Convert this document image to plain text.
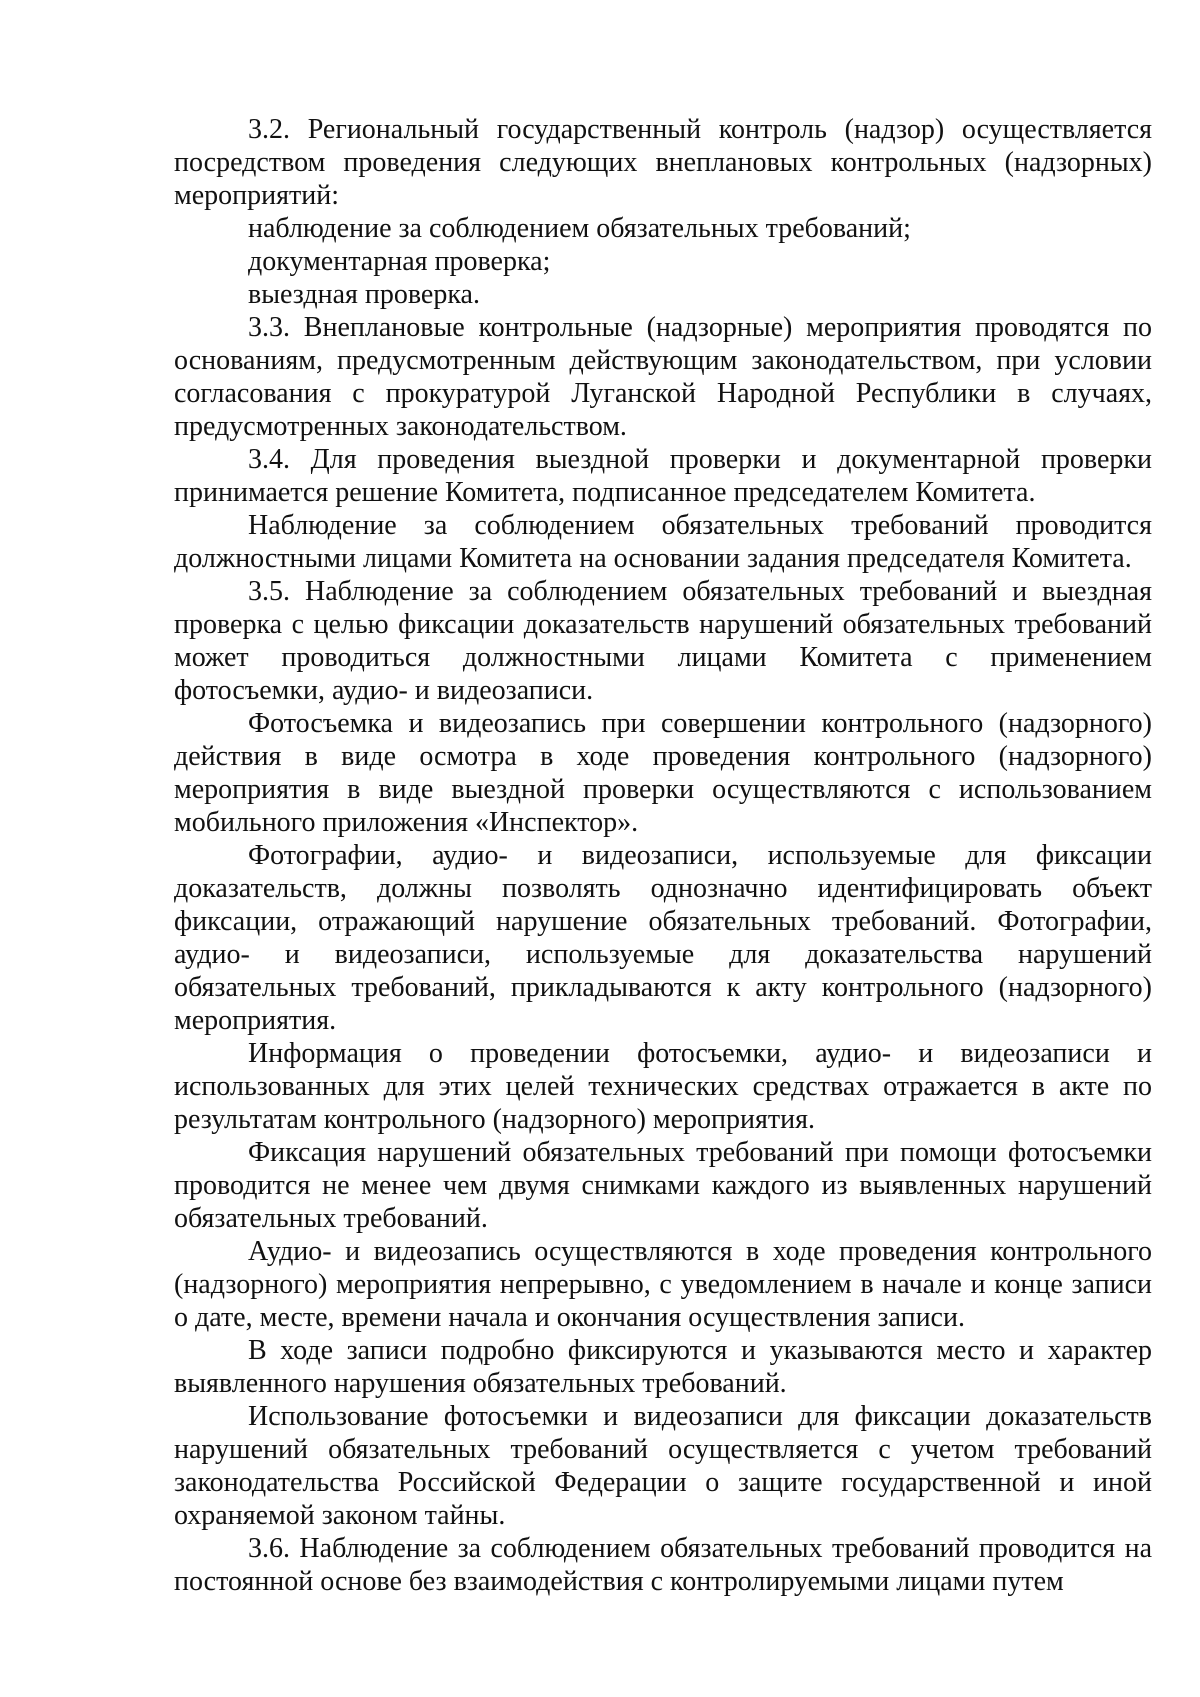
3.2. Региональный государственный контроль (надзор) осуществляется посредством проведения следующих внеплановых контрольных (надзорных) мероприятий:

наблюдение за соблюдением обязательных требований;

документарная проверка;

выездная проверка.

3.3. Внеплановые контрольные (надзорные) мероприятия проводятся по основаниям, предусмотренным действующим законодательством, при условии согласования с прокуратурой Луганской Народной Республики в случаях, предусмотренных законодательством.

3.4. Для проведения выездной проверки и документарной проверки принимается решение Комитета, подписанное председателем Комитета.

Наблюдение за соблюдением обязательных требований проводится должностными лицами Комитета на основании задания председателя Комитета.

3.5. Наблюдение за соблюдением обязательных требований и выездная проверка с целью фиксации доказательств нарушений обязательных требований может проводиться должностными лицами Комитета с применением фотосъемки, аудио- и видеозаписи.

Фотосъемка и видеозапись при совершении контрольного (надзорного) действия в виде осмотра в ходе проведения контрольного (надзорного) мероприятия в виде выездной проверки осуществляются с использованием мобильного приложения «Инспектор».

Фотографии, аудио- и видеозаписи, используемые для фиксации доказательств, должны позволять однозначно идентифицировать объект фиксации, отражающий нарушение обязательных требований. Фотографии, аудио- и видеозаписи, используемые для доказательства нарушений обязательных требований, прикладываются к акту контрольного (надзорного) мероприятия.

Информация о проведении фотосъемки, аудио- и видеозаписи и использованных для этих целей технических средствах отражается в акте по результатам контрольного (надзорного) мероприятия.

Фиксация нарушений обязательных требований при помощи фотосъемки проводится не менее чем двумя снимками каждого из выявленных нарушений обязательных требований.

Аудио- и видеозапись осуществляются в ходе проведения контрольного (надзорного) мероприятия непрерывно, с уведомлением в начале и конце записи о дате, месте, времени начала и окончания осуществления записи.

В ходе записи подробно фиксируются и указываются место и характер выявленного нарушения обязательных требований.

Использование фотосъемки и видеозаписи для фиксации доказательств нарушений обязательных требований осуществляется с учетом требований законодательства Российской Федерации о защите государственной и иной охраняемой законом тайны.

3.6. Наблюдение за соблюдением обязательных требований проводится на постоянной основе без взаимодействия с контролируемыми лицами путем
